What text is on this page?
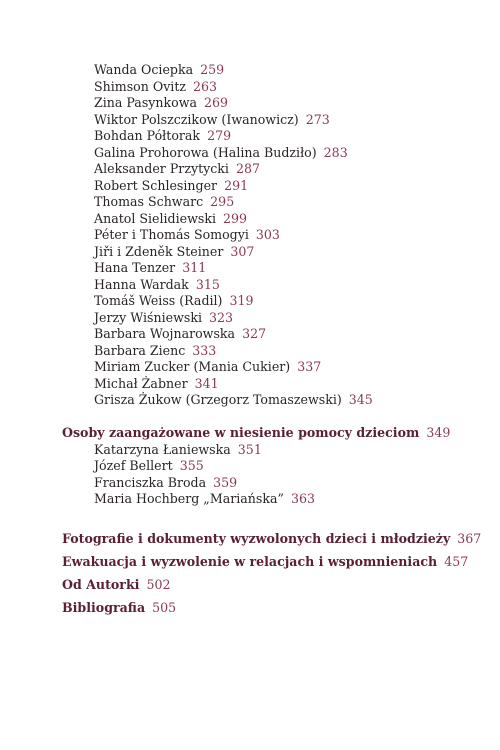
Wanda Ociepka 259
Shimson Ovitz 263
Zina Pasynkowa 269
Wiktor Polszczikow (Iwanowicz) 273
Bohdan Półtorak 279
Galina Prohorowa (Halina Budziło) 283
Aleksander Przytycki 287
Robert Schlesinger 291
Thomas Schwarc 295
Anatol Sielidiewski 299
Péter i Thomás Somogyi 303
Jiři i Zdeněk Steiner 307
Hana Tenzer 311
Hanna Wardak 315
Tomáš Weiss (Radil) 319
Jerzy Wiśniewski 323
Barbara Wojnarowska 327
Barbara Zienc 333
Miriam Zucker (Mania Cukier) 337
Michał Żabner 341
Grisza Żukow (Grzegorz Tomaszewski) 345
Osoby zaangażowane w niesienie pomocy dzieciom 349
Katarzyna Łaniewska 351
Józef Bellert 355
Franciszka Broda 359
Maria Hochberg „Mariańska” 363
Fotografie i dokumenty wyzwolonych dzieci i młodzieży 367
Ewakuacja i wyzwolenie w relacjach i wspomnieniach 457
Od Autorki 502
Bibliografia 505
